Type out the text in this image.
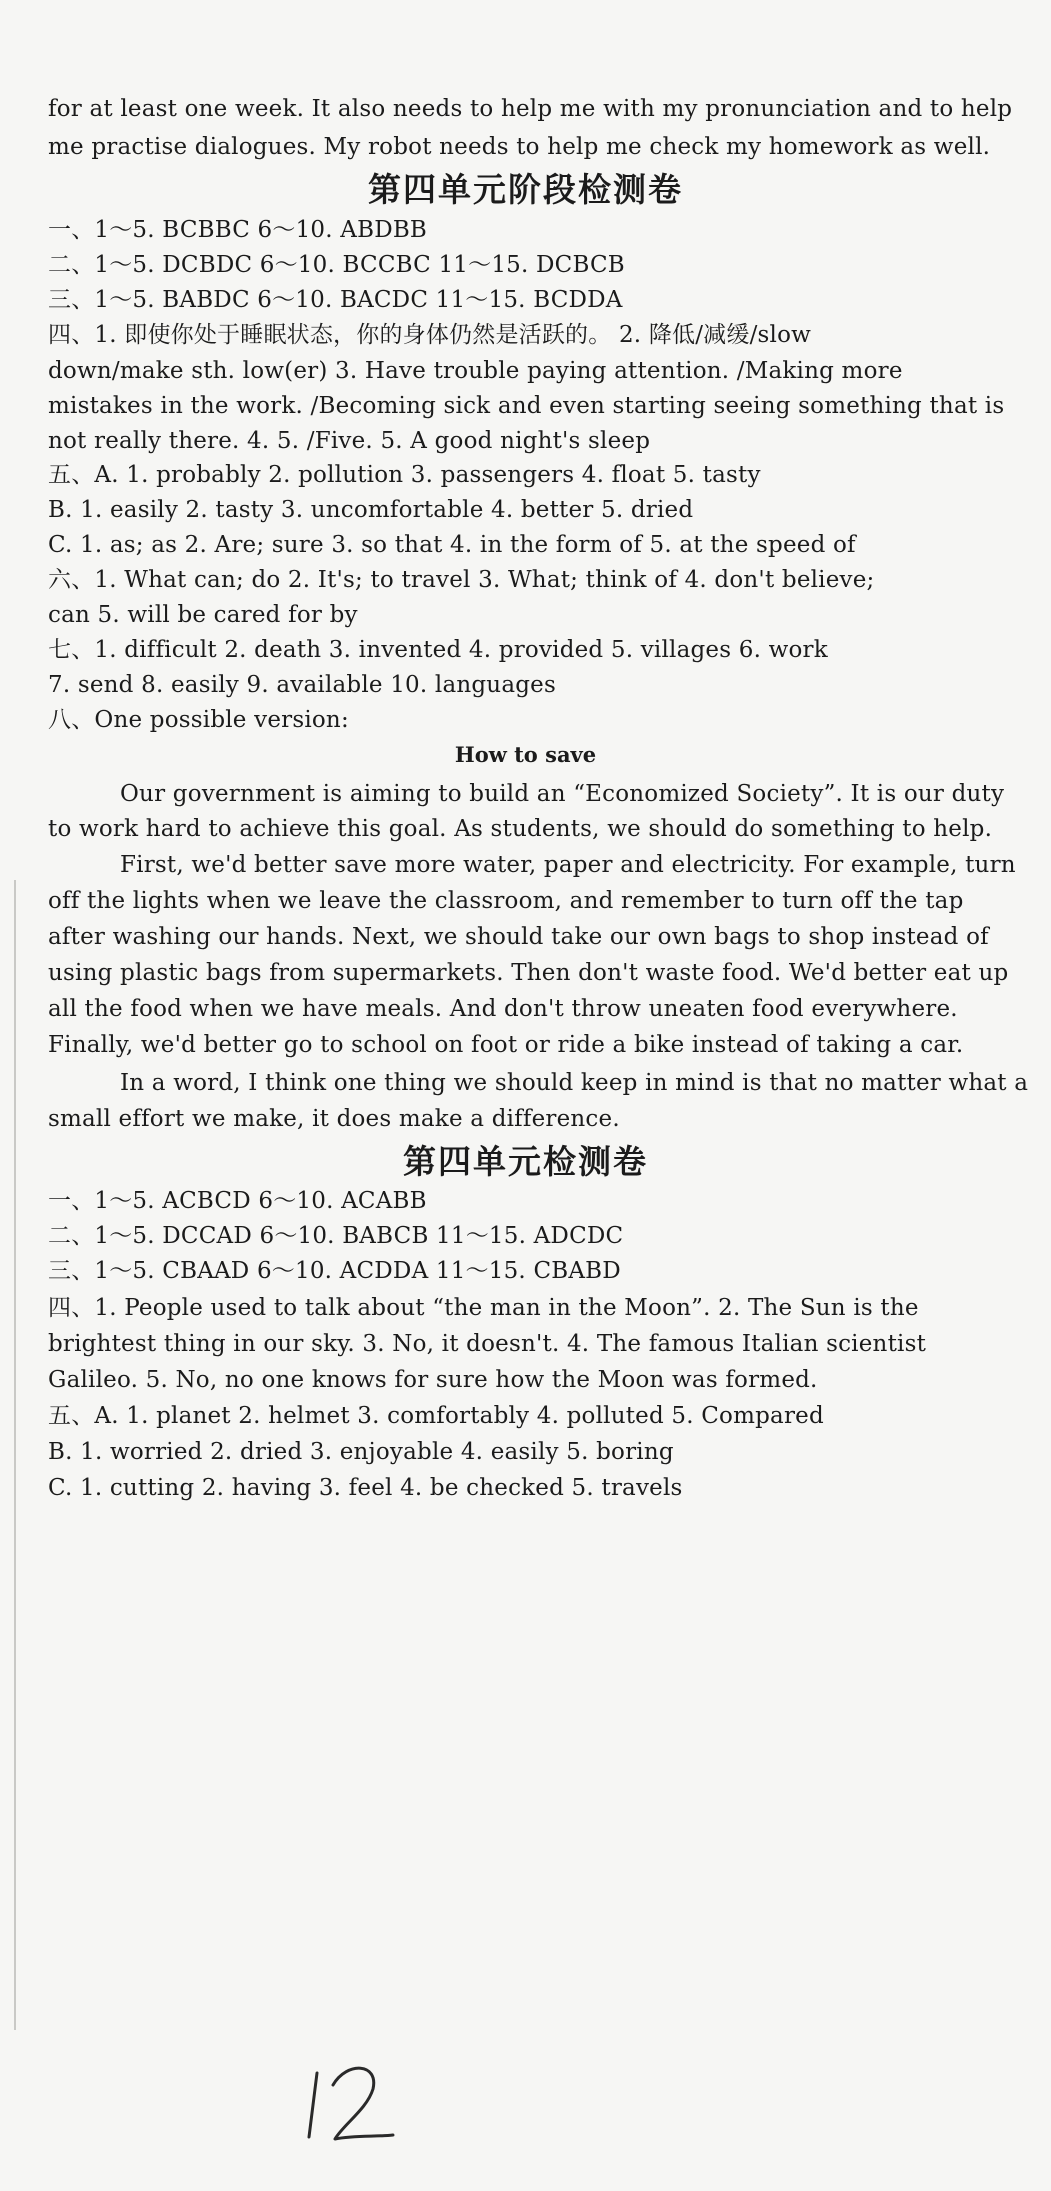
for at least one week. It also needs to help me with my pronunciation and to help
me practise dialogues. My robot needs to help me check my homework as well.
第四单元阶段检测卷
一、1～5. BCBBC 6～10. ABDBB
二、1～5. DCBDC 6～10. BCCBC 11～15. DCBCB
三、1～5. BABDC 6～10. BACDC 11～15. BCDDA
四、1. 即使你处于睡眠状态，你的身体仍然是活跃的。 2. 降低/减缓/slow
down/make sth. low(er) 3. Have trouble paying attention. /Making more
mistakes in the work. /Becoming sick and even starting seeing something that is
not really there. 4. 5. /Five. 5. A good night's sleep
五、A. 1. probably 2. pollution 3. passengers 4. float 5. tasty
B. 1. easily 2. tasty 3. uncomfortable 4. better 5. dried
C. 1. as; as 2. Are; sure 3. so that 4. in the form of 5. at the speed of
六、1. What can; do 2. It's; to travel 3. What; think of 4. don't believe;
can 5. will be cared for by
七、1. difficult 2. death 3. invented 4. provided 5. villages 6. work
7. send 8. easily 9. available 10. languages
八、One possible version:
How to save
Our government is aiming to build an “Economized Society”. It is our duty
to work hard to achieve this goal. As students, we should do something to help.
First, we'd better save more water, paper and electricity. For example, turn
off the lights when we leave the classroom, and remember to turn off the tap
after washing our hands. Next, we should take our own bags to shop instead of
using plastic bags from supermarkets. Then don't waste food. We'd better eat up
all the food when we have meals. And don't throw uneaten food everywhere.
Finally, we'd better go to school on foot or ride a bike instead of taking a car.
In a word, I think one thing we should keep in mind is that no matter what a
small effort we make, it does make a difference.
第四单元检测卷
一、1～5. ACBCD 6～10. ACABB
二、1～5. DCCAD 6～10. BABCB 11～15. ADCDC
三、1～5. CBAAD 6～10. ACDDA 11～15. CBABD
四、1. People used to talk about “the man in the Moon”. 2. The Sun is the
brightest thing in our sky. 3. No, it doesn't. 4. The famous Italian scientist
Galileo. 5. No, no one knows for sure how the Moon was formed.
五、A. 1. planet 2. helmet 3. comfortably 4. polluted 5. Compared
B. 1. worried 2. dried 3. enjoyable 4. easily 5. boring
C. 1. cutting 2. having 3. feel 4. be checked 5. travels
